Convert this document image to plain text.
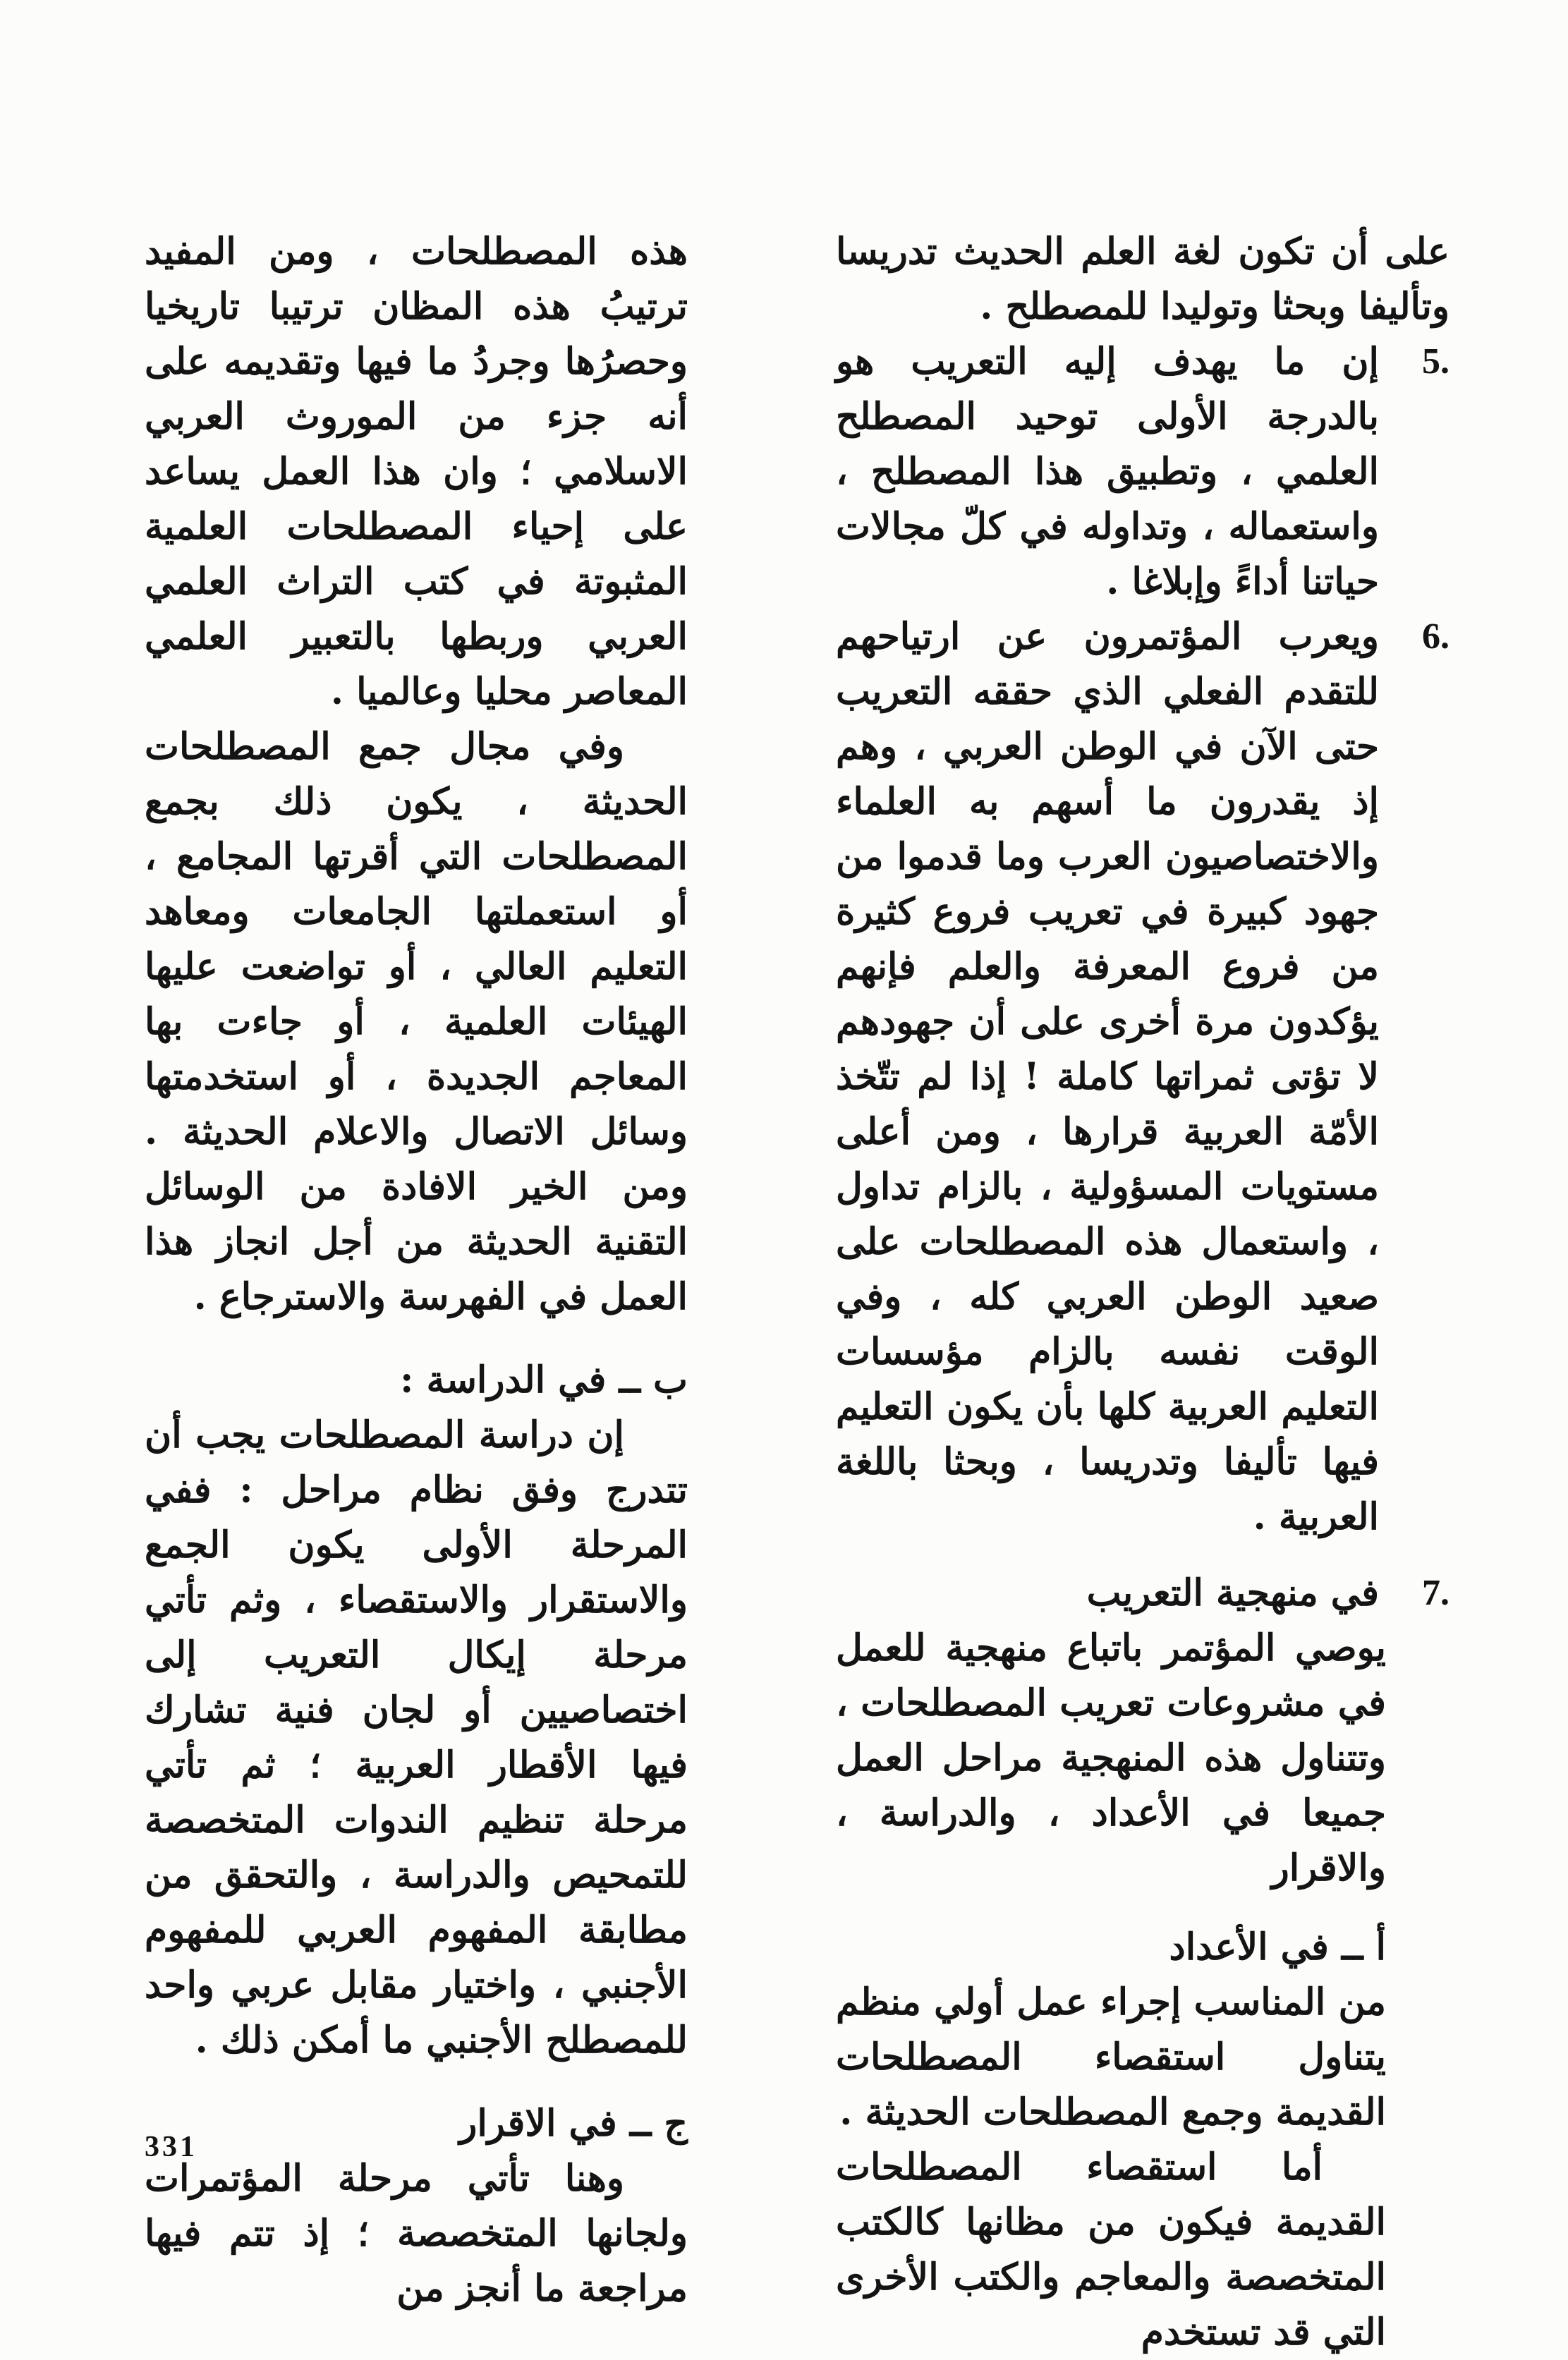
على أن تكون لغة العلم الحديث تدريسا وتأليفا وبحثا وتوليدا للمصطلح .

5.

إن ما يهدف إليه التعريب هو بالدرجة الأولى توحيد المصطلح العلمي ، وتطبيق هذا المصطلح ، واستعماله ، وتداوله في كلّ مجالات حياتنا أداءً وإبلاغا .

6.

ويعرب المؤتمرون عن ارتياحهم للتقدم الفعلي الذي حققه التعريب حتى الآن في الوطن العربي ، وهم إذ يقدرون ما أسهم به العلماء والاختصاصيون العرب وما قدموا من جهود كبيرة في تعريب فروع كثيرة من فروع المعرفة والعلم فإنهم يؤكدون مرة أخرى على أن جهودهم لا تؤتى ثمراتها كاملة ! إذا لم تتّخذ الأمّة العربية قرارها ، ومن أعلى مستويات المسؤولية ، بالزام تداول ، واستعمال هذه المصطلحات على صعيد الوطن العربي كله ، وفي الوقت نفسه بالزام مؤسسات التعليم العربية كلها بأن يكون التعليم فيها تأليفا وتدريسا ، وبحثا باللغة العربية .

7.

في منهجية التعريب

يوصي المؤتمر باتباع منهجية للعمل في مشروعات تعريب المصطلحات ، وتتناول هذه المنهجية مراحل العمل جميعا في الأعداد ، والدراسة ، والاقرار

أ ــ في الأعداد

من المناسب إجراء عمل أولي منظم يتناول استقصاء المصطلحات القديمة وجمع المصطلحات الحديثة .

أما استقصاء المصطلحات القديمة فيكون من مظانها كالكتب المتخصصة والمعاجم والكتب الأخرى التي قد تستخدم

هذه المصطلحات ، ومن المفيد ترتيبُ هذه المظان ترتيبا تاريخيا وحصرُها وجردُ ما فيها وتقديمه على أنه جزء من الموروث العربي الاسلامي ؛ وان هذا العمل يساعد على إحياء المصطلحات العلمية المثبوتة في كتب التراث العلمي العربي وربطها بالتعبير العلمي المعاصر محليا وعالميا .

وفي مجال جمع المصطلحات الحديثة ، يكون ذلك بجمع المصطلحات التي أقرتها المجامع ، أو استعملتها الجامعات ومعاهد التعليم العالي ، أو تواضعت عليها الهيئات العلمية ، أو جاءت بها المعاجم الجديدة ، أو استخدمتها وسائل الاتصال والاعلام الحديثة . ومن الخير الافادة من الوسائل التقنية الحديثة من أجل انجاز هذا العمل في الفهرسة والاسترجاع .

ب ــ في الدراسة :

إن دراسة المصطلحات يجب أن تتدرج وفق نظام مراحل : ففي المرحلة الأولى يكون الجمع والاستقرار والاستقصاء ، وثم تأتي مرحلة إيكال التعريب إلى اختصاصيين أو لجان فنية تشارك فيها الأقطار العربية ؛ ثم تأتي مرحلة تنظيم الندوات المتخصصة للتمحيص والدراسة ، والتحقق من مطابقة المفهوم العربي للمفهوم الأجنبي ، واختيار مقابل عربي واحد للمصطلح الأجنبي ما أمكن ذلك .

ج ــ في الاقرار

وهنا تأتي مرحلة المؤتمرات ولجانها المتخصصة ؛ إذ تتم فيها مراجعة ما أنجز من

331
